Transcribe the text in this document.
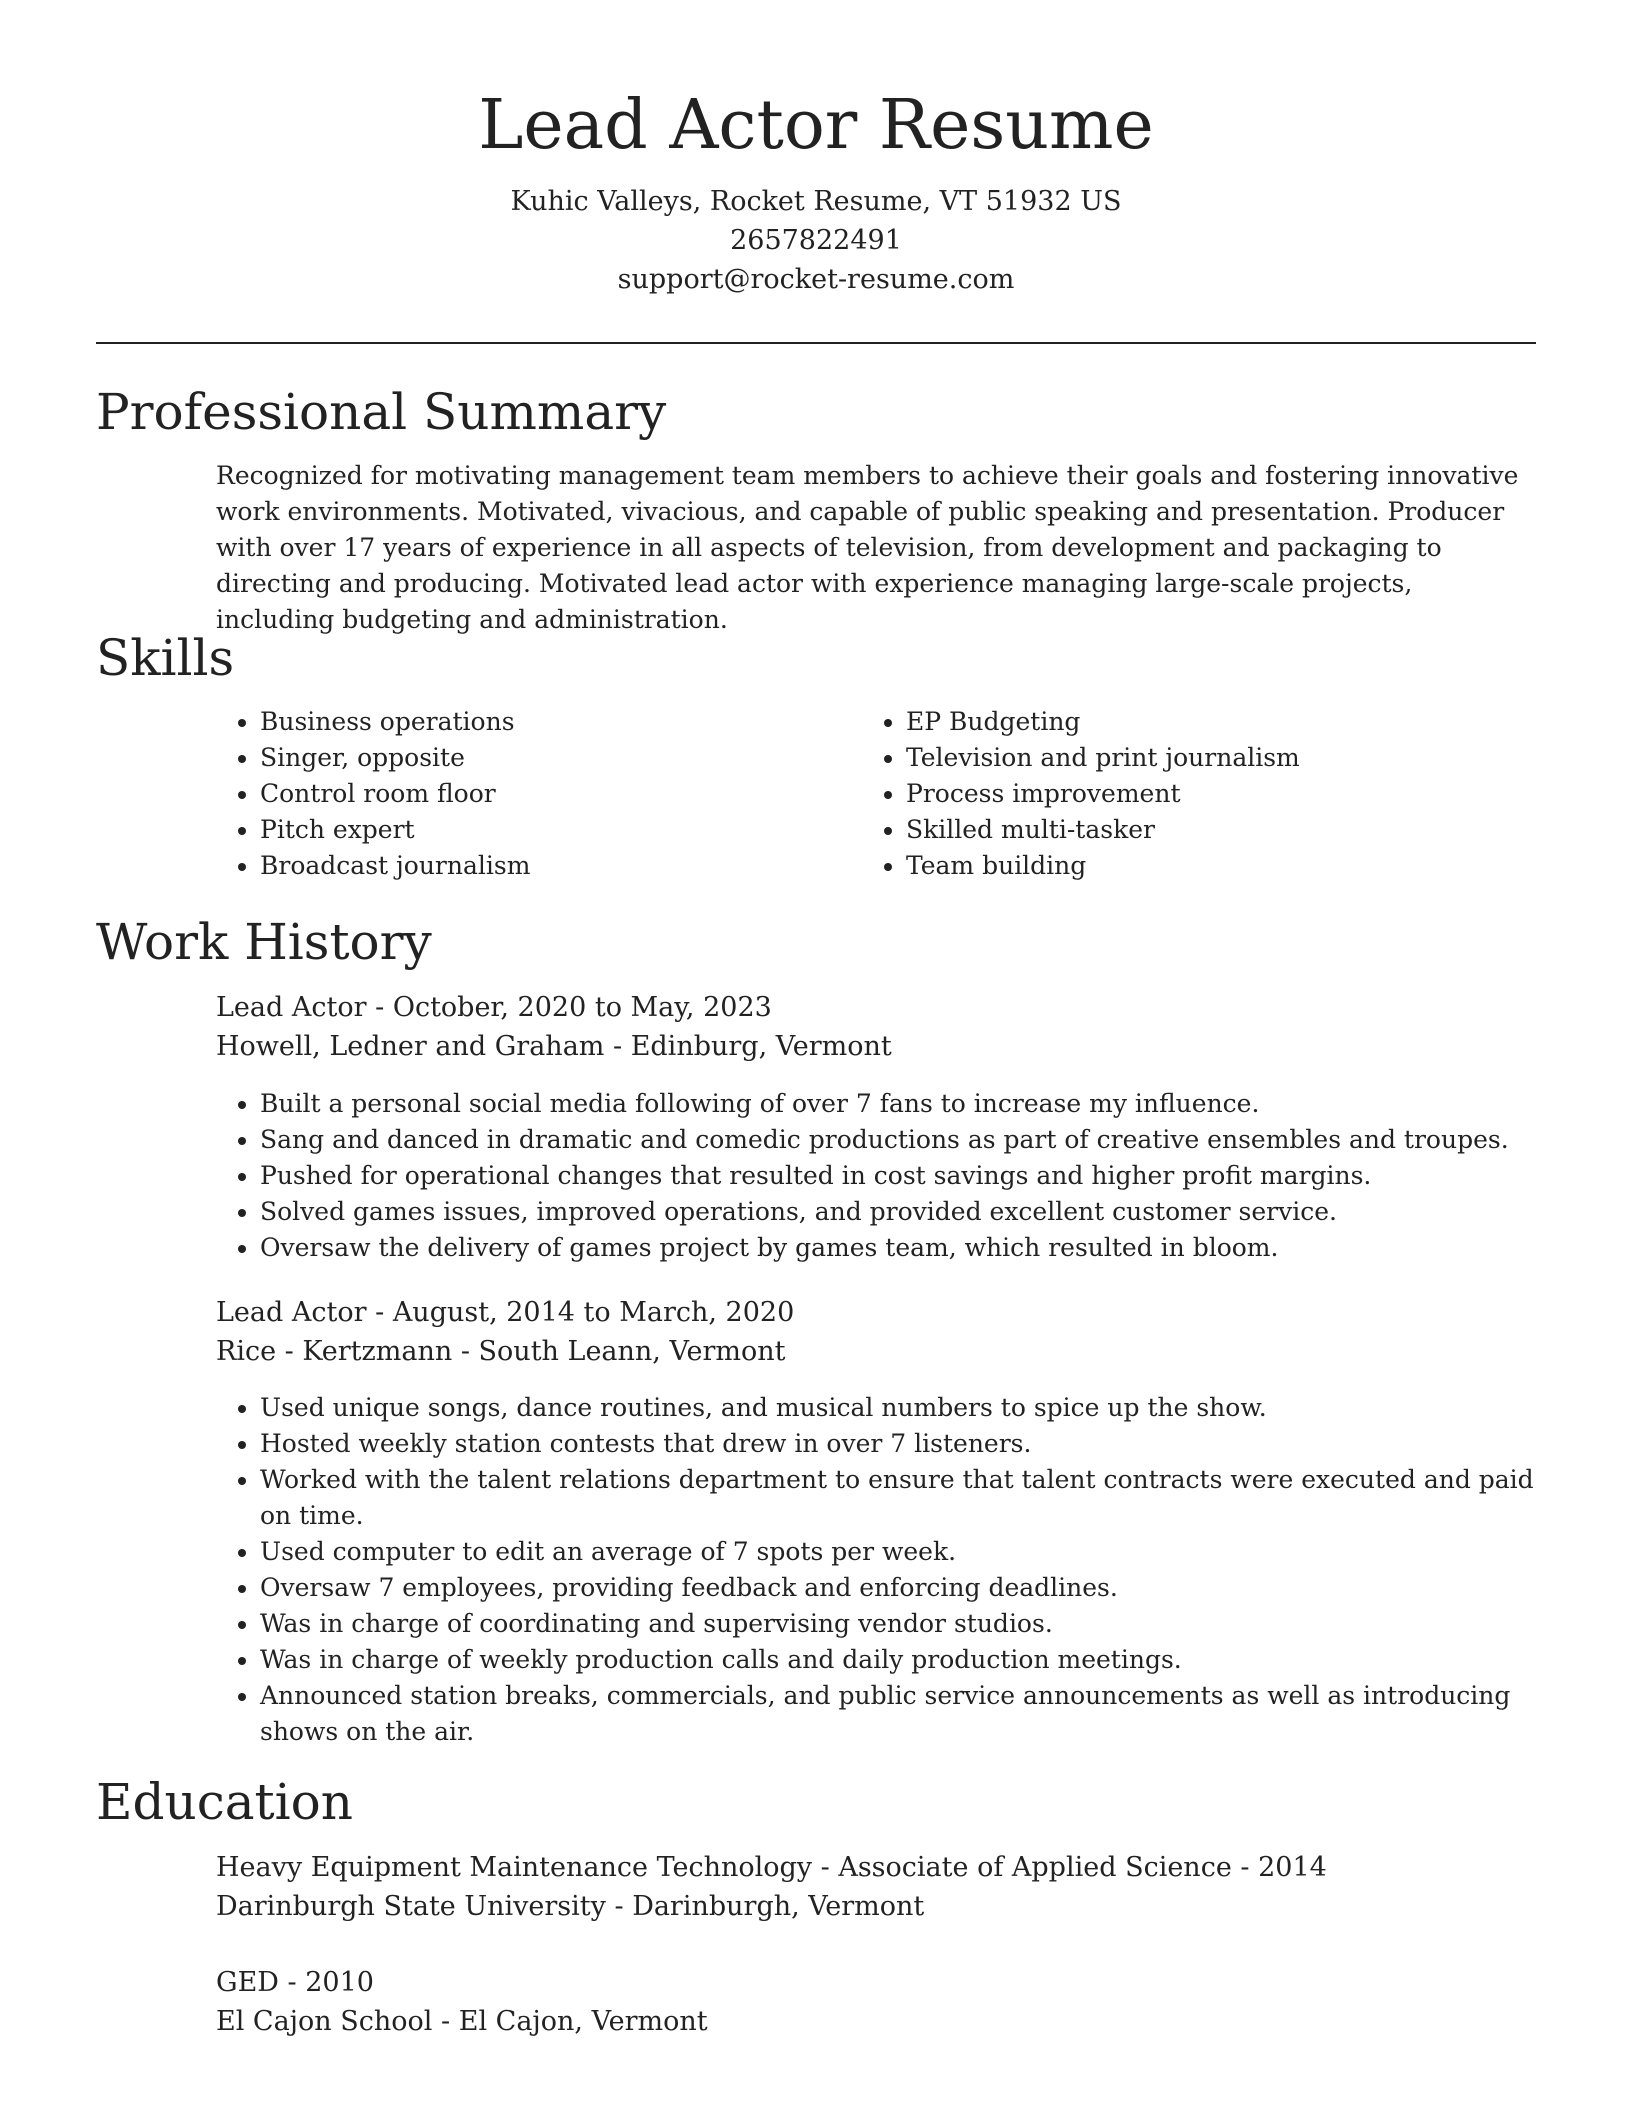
Lead Actor Resume
Kuhic Valleys, Rocket Resume, VT 51932 US
2657822491
support@rocket-resume.com
Professional Summary

Recognized for motivating management team members to achieve their goals and fostering innovative work environments. Motivated, vivacious, and capable of public speaking and presentation. Producer with over 17 years of experience in all aspects of television, from development and packaging to directing and producing. Motivated lead actor with experience managing large-scale projects, including budgeting and administration.

Skills
• Business operations
• Singer, opposite
• Control room floor
• Pitch expert
• Broadcast journalism
• EP Budgeting
• Television and print journalism
• Process improvement
• Skilled multi-tasker
• Team building
Work History
Lead Actor - October, 2020 to May, 2023
Howell, Ledner and Graham - Edinburg, Vermont
• Built a personal social media following of over 7 fans to increase my influence.
• Sang and danced in dramatic and comedic productions as part of creative ensembles and troupes.
• Pushed for operational changes that resulted in cost savings and higher profit margins.
• Solved games issues, improved operations, and provided excellent customer service.
• Oversaw the delivery of games project by games team, which resulted in bloom.
Lead Actor - August, 2014 to March, 2020
Rice - Kertzmann - South Leann, Vermont
• Used unique songs, dance routines, and musical numbers to spice up the show.
• Hosted weekly station contests that drew in over 7 listeners.
• Worked with the talent relations department to ensure that talent contracts were executed and paid on time.
• Used computer to edit an average of 7 spots per week.
• Oversaw 7 employees, providing feedback and enforcing deadlines.
• Was in charge of coordinating and supervising vendor studios.
• Was in charge of weekly production calls and daily production meetings.
• Announced station breaks, commercials, and public service announcements as well as introducing shows on the air.
Education
Heavy Equipment Maintenance Technology - Associate of Applied Science - 2014
Darinburgh State University - Darinburgh, Vermont
GED - 2010
El Cajon School - El Cajon, Vermont
